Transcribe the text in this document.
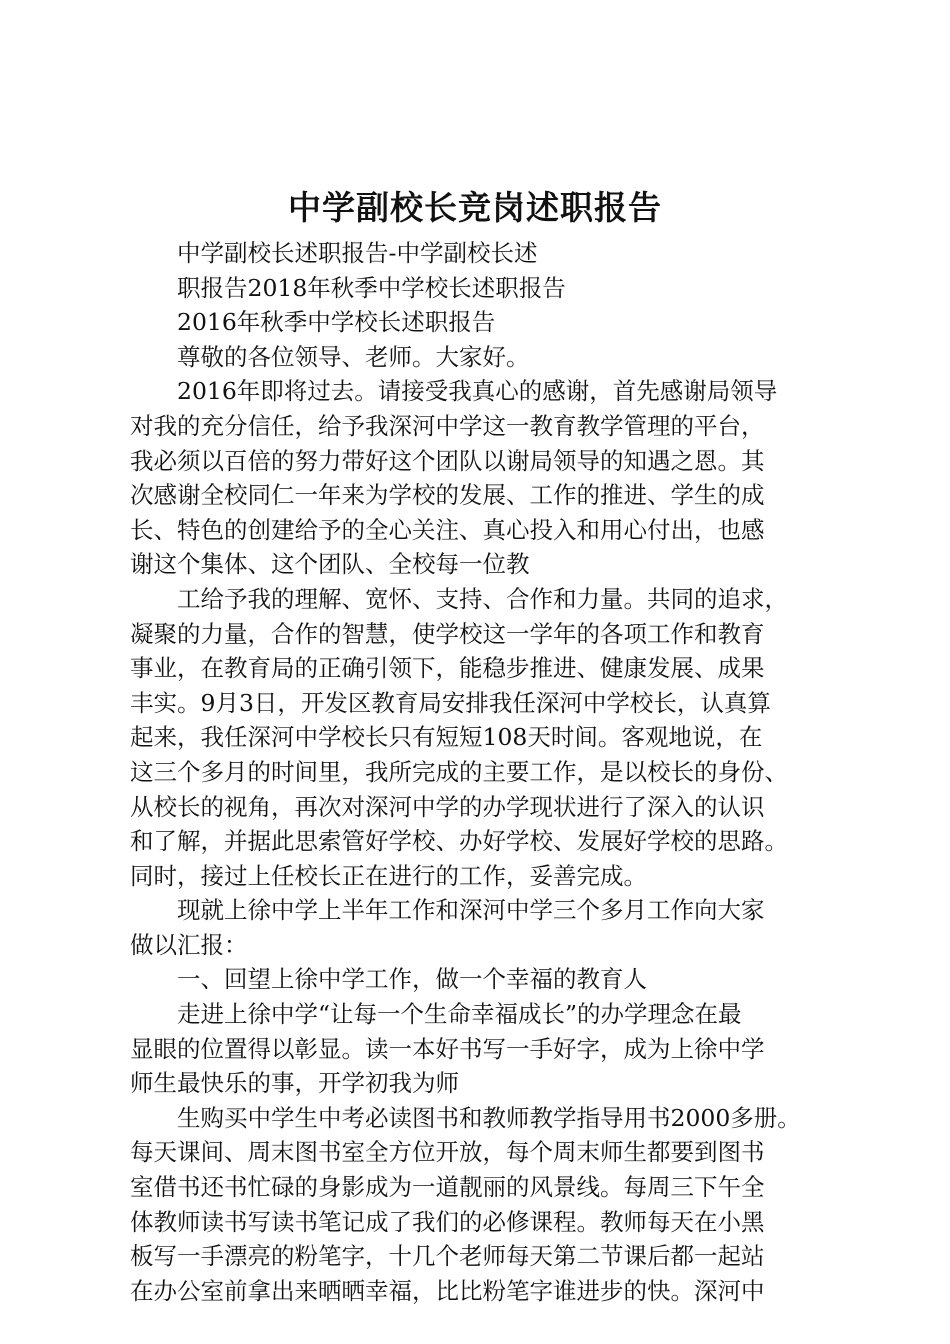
中学副校长竞岗述职报告

中学副校长述职报告-中学副校长述

职报告2018年秋季中学校长述职报告

2016年秋季中学校长述职报告

尊敬的各位领导、老师。大家好。

2016年即将过去。请接受我真心的感谢，首先感谢局领导

对我的充分信任，给予我深河中学这一教育教学管理的平台，

我必须以百倍的努力带好这个团队以谢局领导的知遇之恩。其

次感谢全校同仁一年来为学校的发展、工作的推进、学生的成

长、特色的创建给予的全心关注、真心投入和用心付出，也感

谢这个集体、这个团队、全校每一位教

工给予我的理解、宽怀、支持、合作和力量。共同的追求，

凝聚的力量，合作的智慧，使学校这一学年的各项工作和教育

事业，在教育局的正确引领下，能稳步推进、健康发展、成果

丰实。9月3日，开发区教育局安排我任深河中学校长，认真算

起来，我任深河中学校长只有短短108天时间。客观地说，在

这三个多月的时间里，我所完成的主要工作，是以校长的身份、

从校长的视角，再次对深河中学的办学现状进行了深入的认识

和了解，并据此思索管好学校、办好学校、发展好学校的思路。

同时，接过上任校长正在进行的工作，妥善完成。

现就上徐中学上半年工作和深河中学三个多月工作向大家

做以汇报：

一、回望上徐中学工作，做一个幸福的教育人

走进上徐中学“让每一个生命幸福成长”的办学理念在最

显眼的位置得以彰显。读一本好书写一手好字，成为上徐中学

师生最快乐的事，开学初我为师

生购买中学生中考必读图书和教师教学指导用书2000多册。

每天课间、周末图书室全方位开放，每个周末师生都要到图书

室借书还书忙碌的身影成为一道靓丽的风景线。每周三下午全

体教师读书写读书笔记成了我们的必修课程。教师每天在小黑

板写一手漂亮的粉笔字，十几个老师每天第二节课后都一起站

在办公室前拿出来晒晒幸福，比比粉笔字谁进步的快。深河中
